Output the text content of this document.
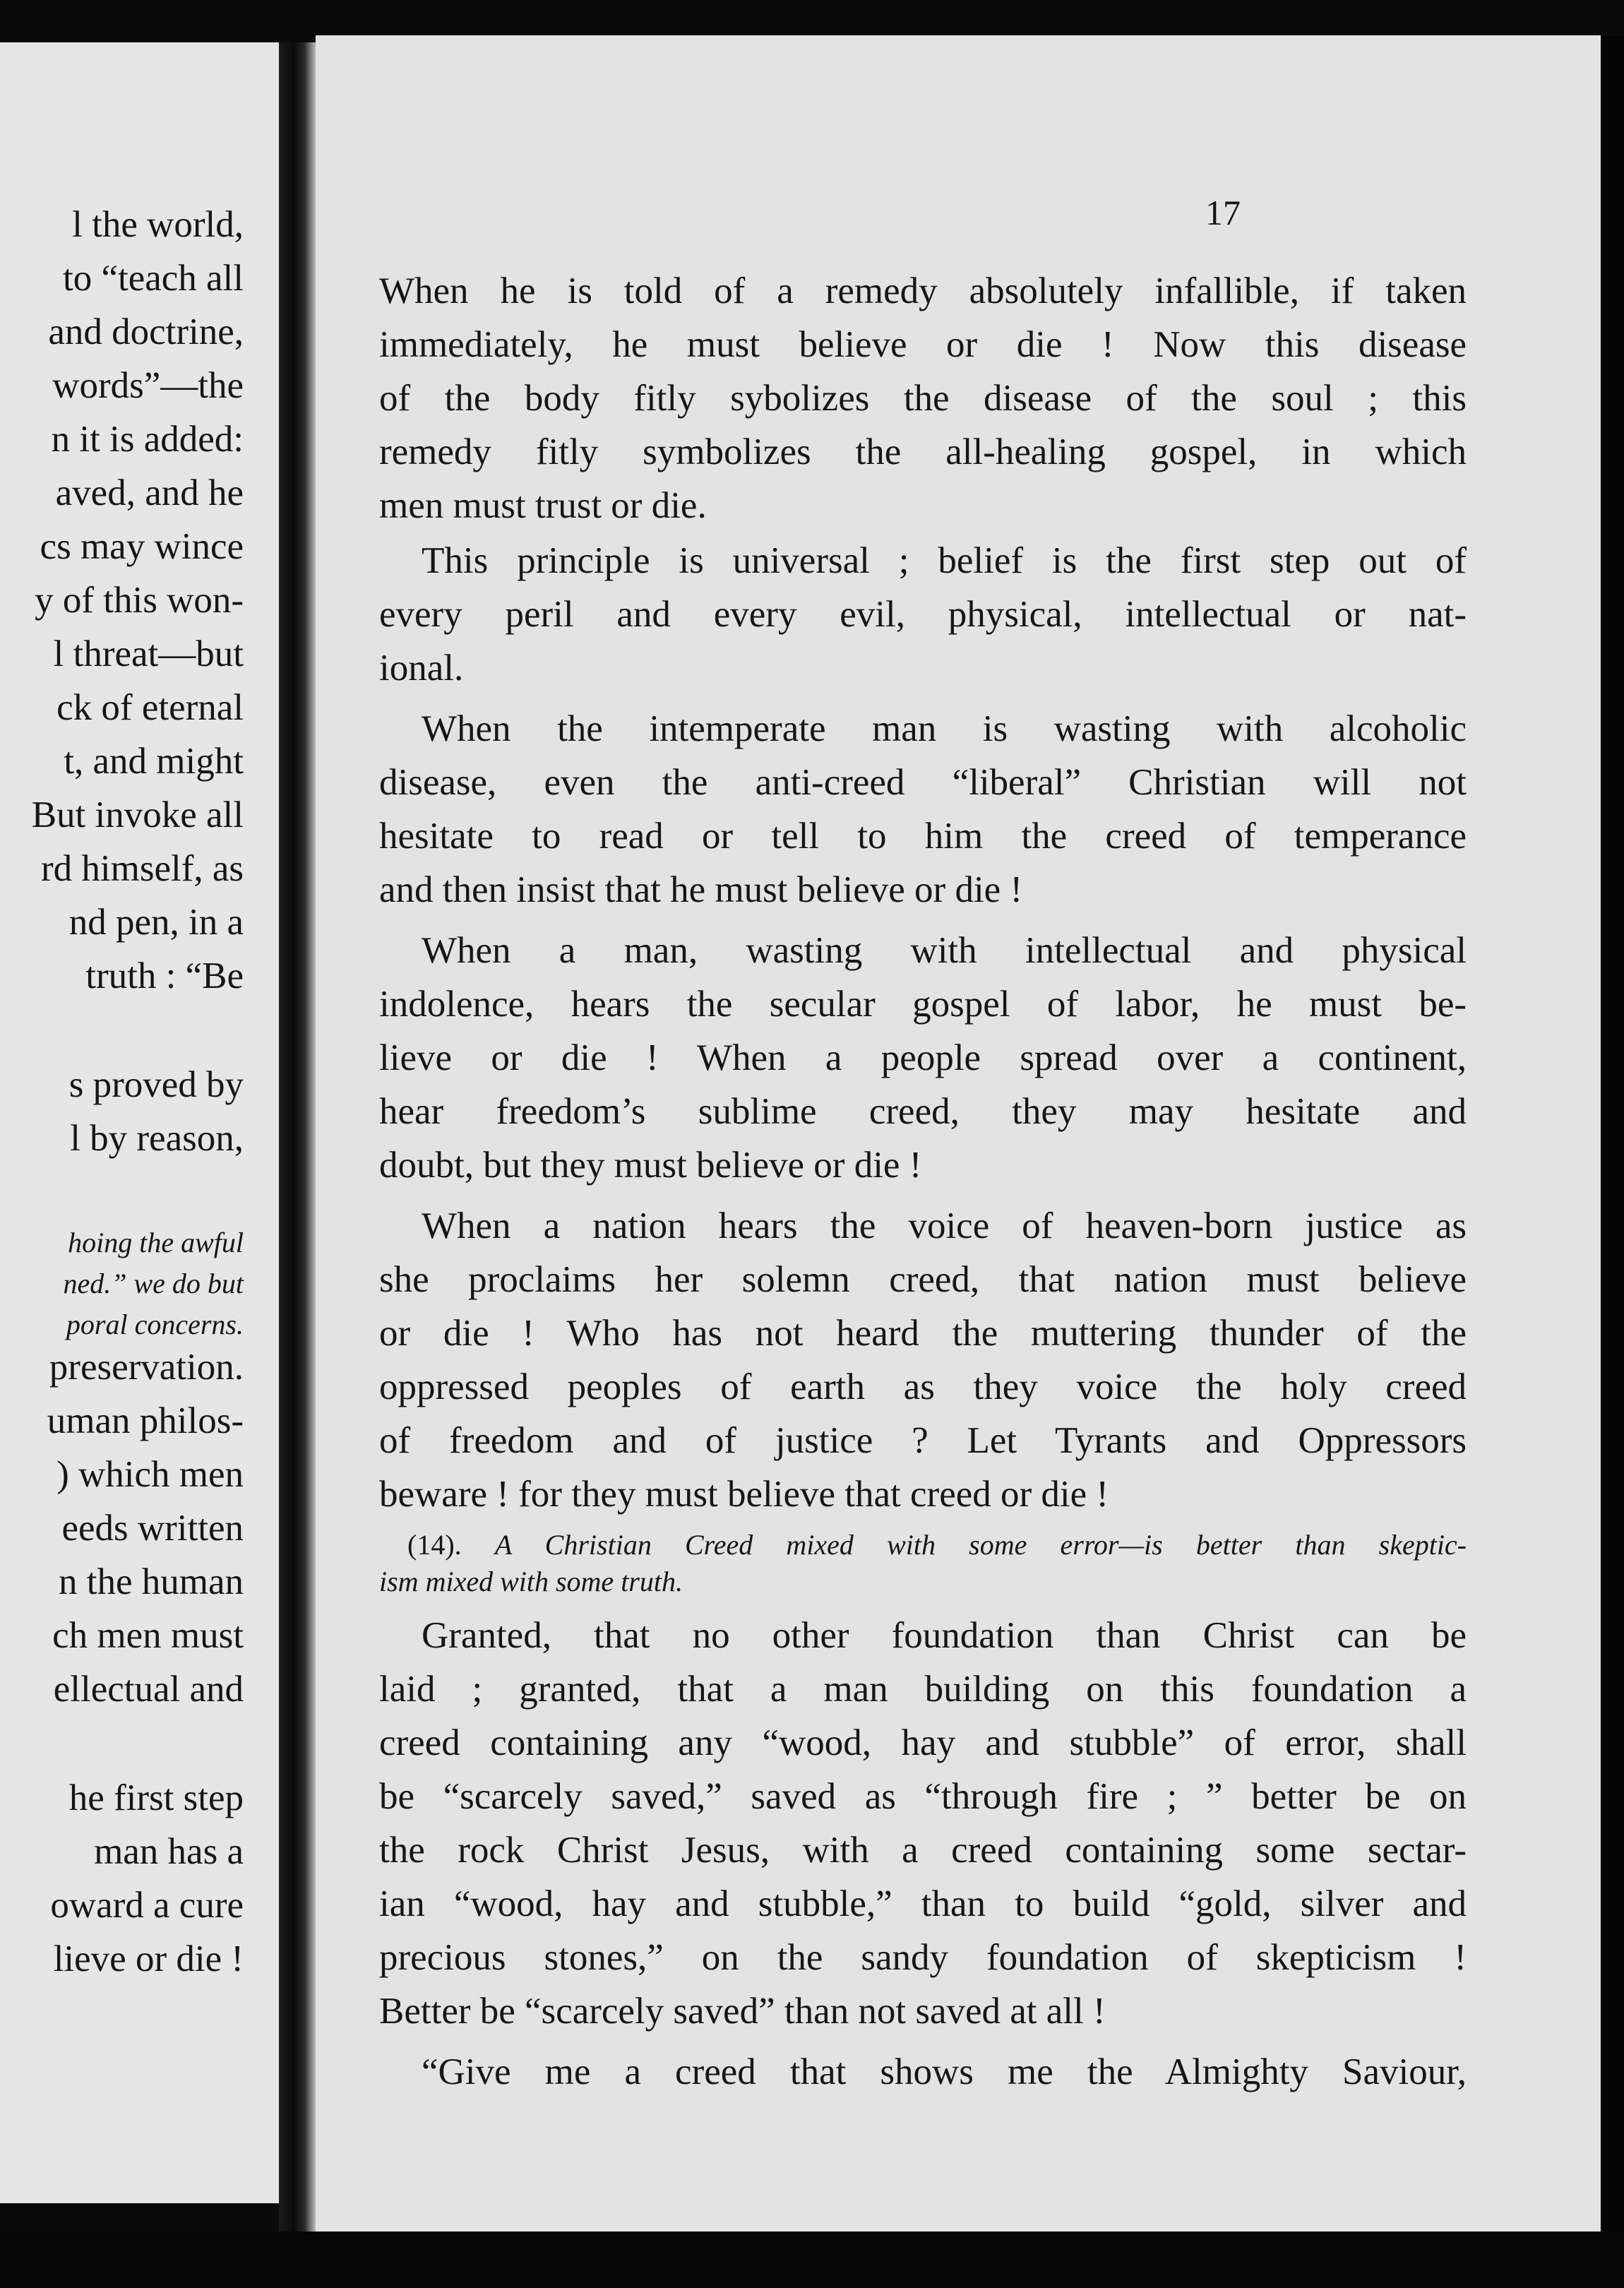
l the world,
to “teach all
and doctrine,
words”—the
n it is added:
aved, and he
cs may wince
y of this won-
l threat—but
ck of eternal
t, and might
But invoke all
rd himself, as
nd pen, in a
truth : “Be
s proved by
l by reason,
hoing the awful
ned.” we do but
poral concerns.
preservation.
uman philos-
) which men
eeds written
n the human
ch men must
ellectual and
he first step
man has a
oward a cure
lieve or die !
17
When he is told of a remedy absolutely infallible, if taken
immediately, he must believe or die ! Now this disease
of the body fitly sybolizes the disease of the soul ; this
remedy fitly symbolizes the all-healing gospel, in which
men must trust or die.
This principle is universal ; belief is the first step out of
every peril and every evil, physical, intellectual or nat-
ional.
When the intemperate man is wasting with alcoholic
disease, even the anti-creed “liberal” Christian will not
hesitate to read or tell to him the creed of temperance
and then insist that he must believe or die !
When a man, wasting with intellectual and physical
indolence, hears the secular gospel of labor, he must be-
lieve or die ! When a people spread over a continent,
hear freedom’s sublime creed, they may hesitate and
doubt, but they must believe or die !
When a nation hears the voice of heaven-born justice as
she proclaims her solemn creed, that nation must believe
or die ! Who has not heard the muttering thunder of the
oppressed peoples of earth as they voice the holy creed
of freedom and of justice ? Let Tyrants and Oppressors
beware ! for they must believe that creed or die !
(14). A Christian Creed mixed with some error—is better than skeptic-
ism mixed with some truth.
Granted, that no other foundation than Christ can be
laid ; granted, that a man building on this foundation a
creed containing any “wood, hay and stubble” of error, shall
be “scarcely saved,” saved as “through fire ; ” better be on
the rock Christ Jesus, with a creed containing some sectar-
ian “wood, hay and stubble,” than to build “gold, silver and
precious stones,” on the sandy foundation of skepticism !
Better be “scarcely saved” than not saved at all !
“Give me a creed that shows me the Almighty Saviour,
